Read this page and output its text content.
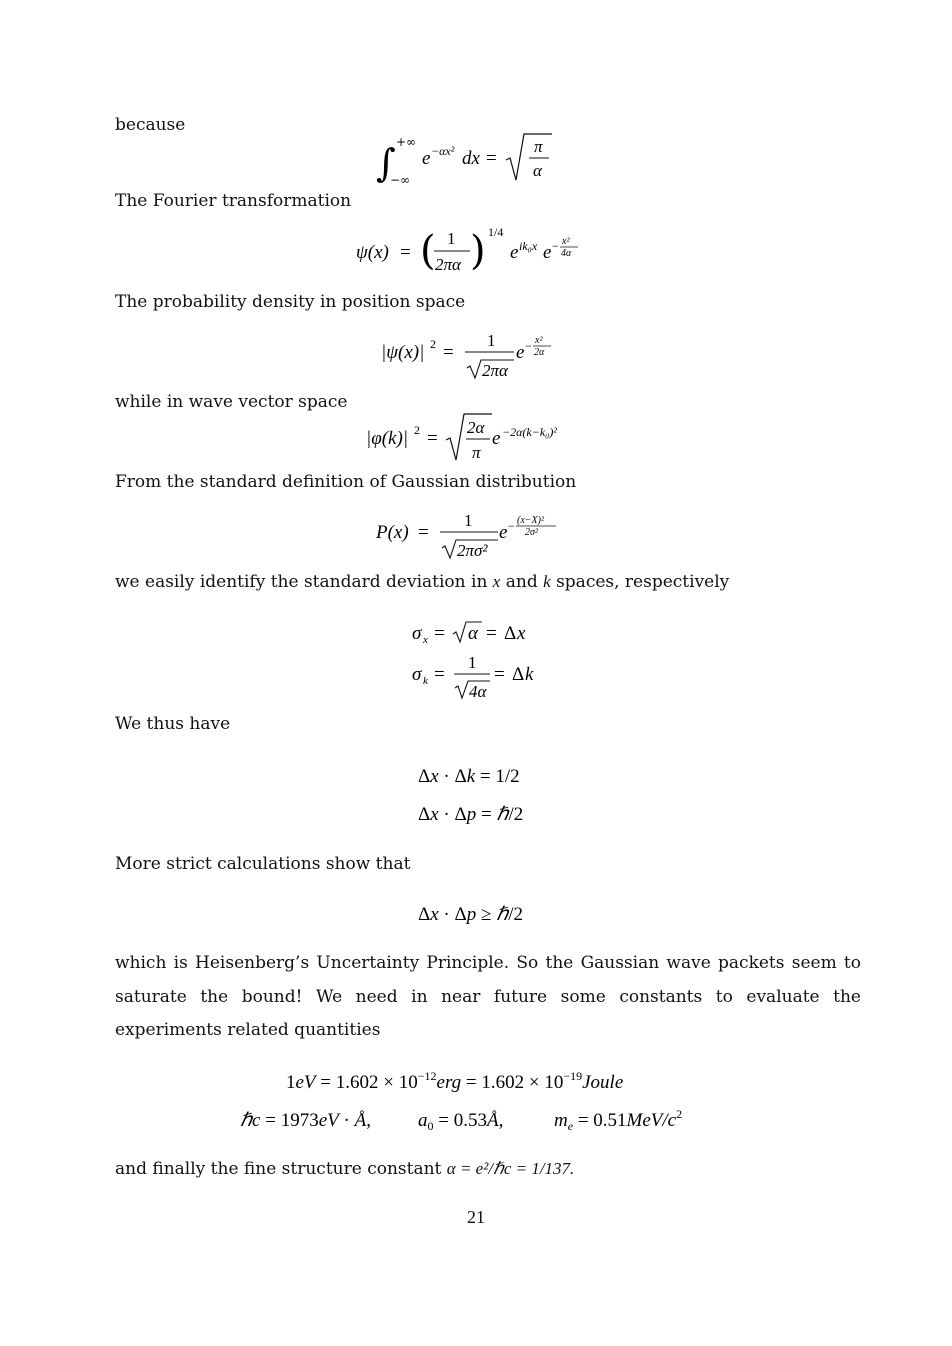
because
∫ +∞
−∞
e −αx² dx =
π
α
The Fourier transformation
ψ(x) = ( 1
2πα ) 1/4
e ik₀x e − x²
4α
The probability density in position space
|ψ(x)| 2 =
1
2πα
e − x²
2α
while in wave vector space
|φ(k)| 2 =
2α
π
e −2α(k−k₀)²
From the standard definition of Gaussian distribution
P(x) =
1
2πσ²
e − (x−X)²
2σ²
we easily identify the standard deviation in x and k spaces, respectively
σ x = α = Δ x
σ k =
1
4α
= Δ k
We thus have
Δx · Δk = 1/2
Δx · Δp = ℏ/2
More strict calculations show that
Δx · Δp ≥ ℏ/2
which is Heisenberg’s Uncertainty Principle. So the Gaussian wave packets seem to saturate the bound! We need in near future some constants to evaluate the experiments related quantities
$1eV = 1.602 \times 10^{-12}erg = 1.602$ × $10^{-19}Joule$
ℏc = 1973eV · Å, $a_0$ = 0.53Å,	$m_e = 0.51MeV/c^2$
and finally the fine structure constant α = e²/ℏc = 1/137.
21
